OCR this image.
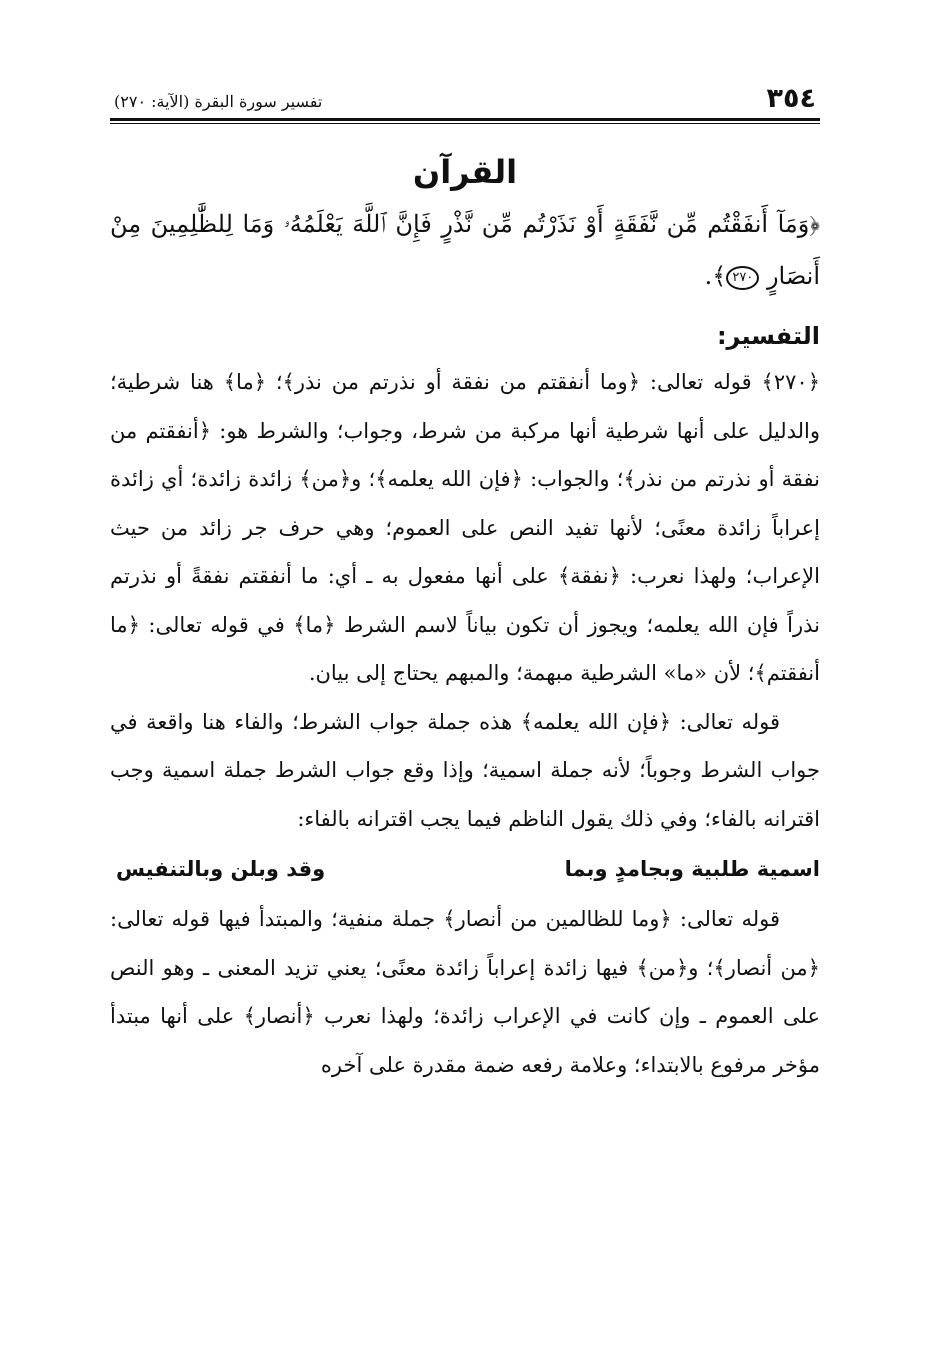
٣٥٤
تفسير سورة البقرة (الآية: ٢٧٠)
القرآن
﴿وَمَآ أَنفَقْتُم مِّن نَّفَقَةٍ أَوْ نَذَرْتُم مِّن نَّذْرٍ فَإِنَّ ٱللَّهَ يَعْلَمُهُۥ وَمَا لِلظَّٰلِمِينَ مِنْ أَنصَارٍ ٢٧٠﴾.
التفسير:

﴿٢٧٠﴾ قوله تعالى: ﴿وما أنفقتم من نفقة أو نذرتم من نذر﴾؛ ﴿ما﴾ هنا شرطية؛ والدليل على أنها شرطية أنها مركبة من شرط، وجواب؛ والشرط هو: ﴿أنفقتم من نفقة أو نذرتم من نذر﴾؛ والجواب: ﴿فإن الله يعلمه﴾؛ و﴿من﴾ زائدة زائدة؛ أي زائدة إعراباً زائدة معنًى؛ لأنها تفيد النص على العموم؛ وهي حرف جر زائد من حيث الإعراب؛ ولهذا نعرب: ﴿نفقة﴾ على أنها مفعول به ـ أي: ما أنفقتم نفقةً أو نذرتم نذراً فإن الله يعلمه؛ ويجوز أن تكون بياناً لاسم الشرط ﴿ما﴾ في قوله تعالى: ﴿ما أنفقتم﴾؛ لأن «ما» الشرطية مبهمة؛ والمبهم يحتاج إلى بيان.

قوله تعالى: ﴿فإن الله يعلمه﴾ هذه جملة جواب الشرط؛ والفاء هنا واقعة في جواب الشرط وجوباً؛ لأنه جملة اسمية؛ وإذا وقع جواب الشرط جملة اسمية وجب اقترانه بالفاء؛ وفي ذلك يقول الناظم فيما يجب اقترانه بالفاء:

اسمية طلبية وبجامدٍ وبما
وقد وبلن وبالتنفيس

قوله تعالى: ﴿وما للظالمين من أنصار﴾ جملة منفية؛ والمبتدأ فيها قوله تعالى: ﴿من أنصار﴾؛ و﴿من﴾ فيها زائدة إعراباً زائدة معنًى؛ يعني تزيد المعنى ـ وهو النص على العموم ـ وإن كانت في الإعراب زائدة؛ ولهذا نعرب ﴿أنصار﴾ على أنها مبتدأ مؤخر مرفوع بالابتداء؛ وعلامة رفعه ضمة مقدرة على آخره
